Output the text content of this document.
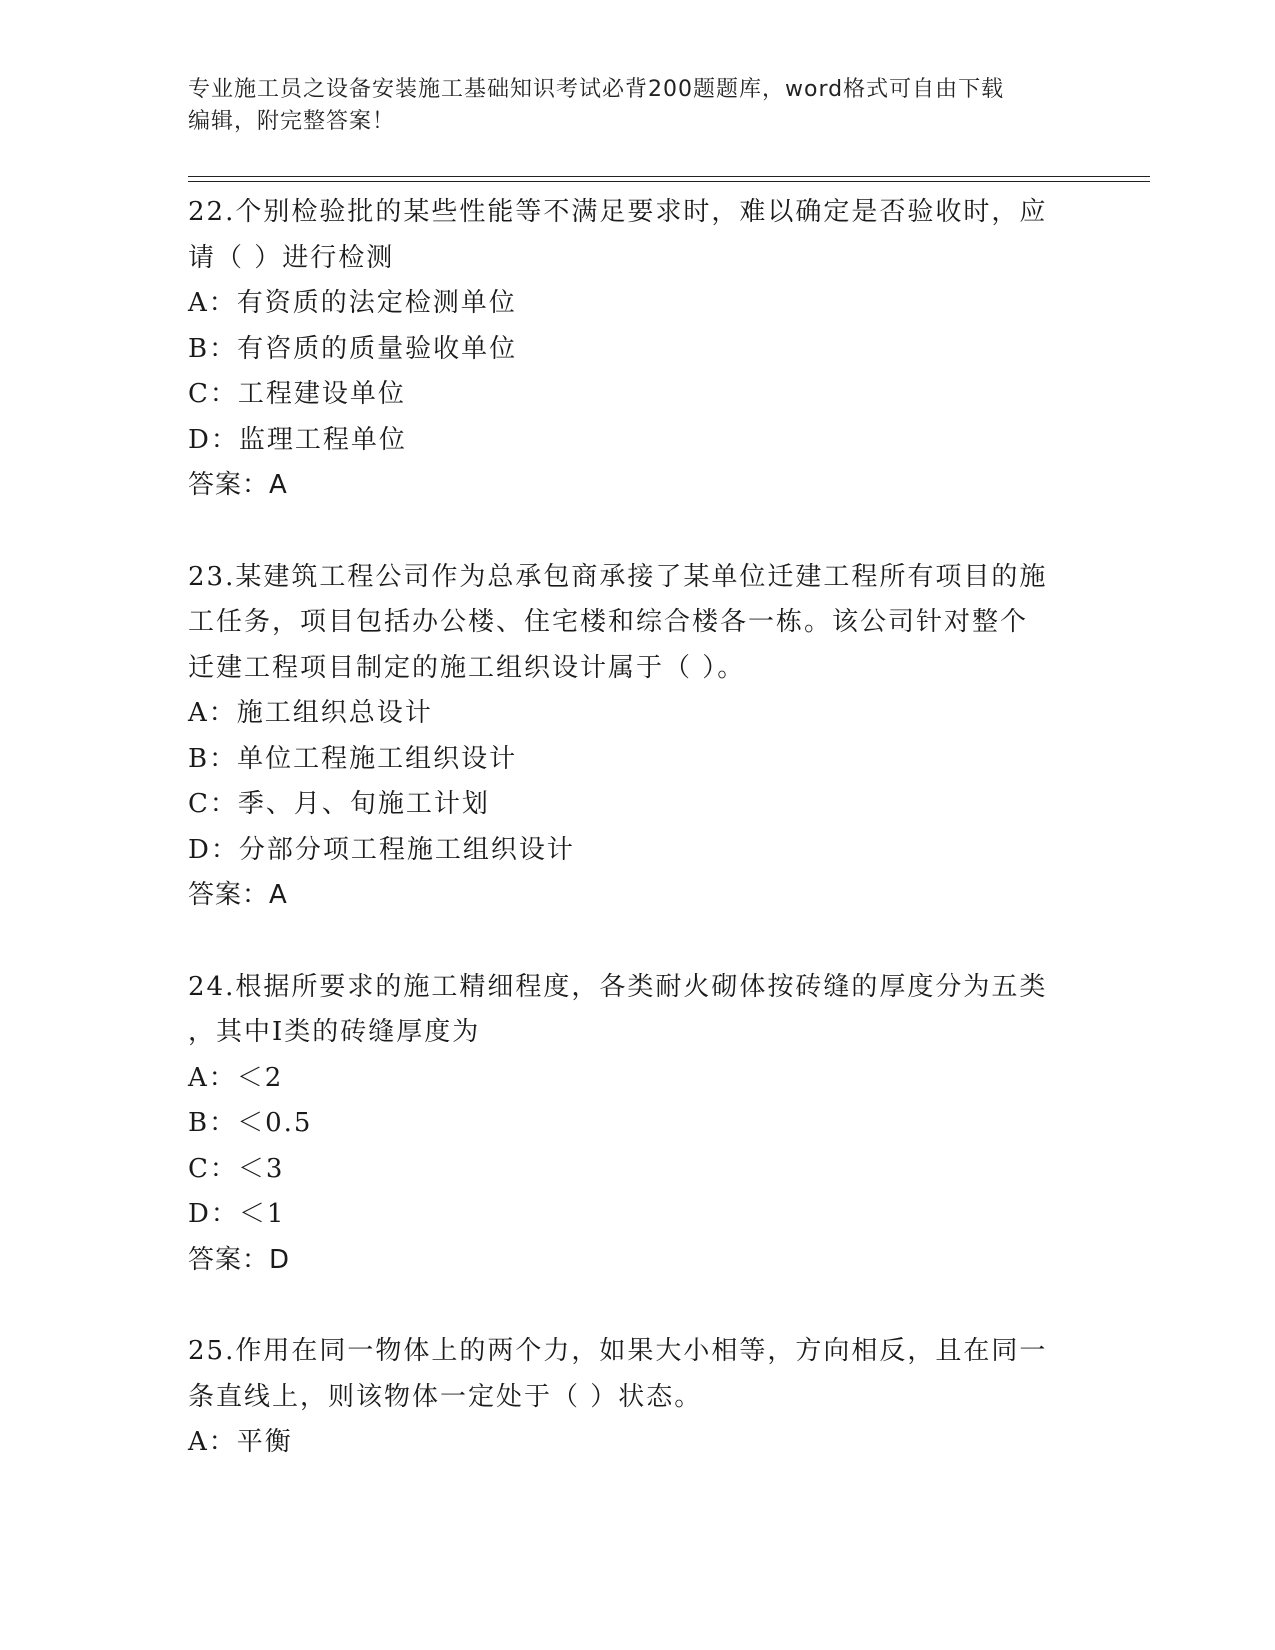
专业施工员之设备安装施工基础知识考试必背200题题库，word格式可自由下载
编辑，附完整答案！

22.个别检验批的某些性能等不满足要求时，难以确定是否验收时，应

请（ ）进行检测

A：有资质的法定检测单位

B：有咨质的质量验收单位

C：工程建设单位

D：监理工程单位

答案：A

23.某建筑工程公司作为总承包商承接了某单位迁建工程所有项目的施

工任务，项目包括办公楼、住宅楼和综合楼各一栋。该公司针对整个

迁建工程项目制定的施工组织设计属于（ ）。

A：施工组织总设计

B：单位工程施工组织设计

C：季、月、旬施工计划

D：分部分项工程施工组织设计

答案：A

24.根据所要求的施工精细程度，各类耐火砌体按砖缝的厚度分为五类

，其中Ⅰ类的砖缝厚度为

A：＜2

B：＜0.5

C：＜3

D：＜1

答案：D

25.作用在同一物体上的两个力，如果大小相等，方向相反，且在同一

条直线上，则该物体一定处于（ ）状态。

A：平衡
